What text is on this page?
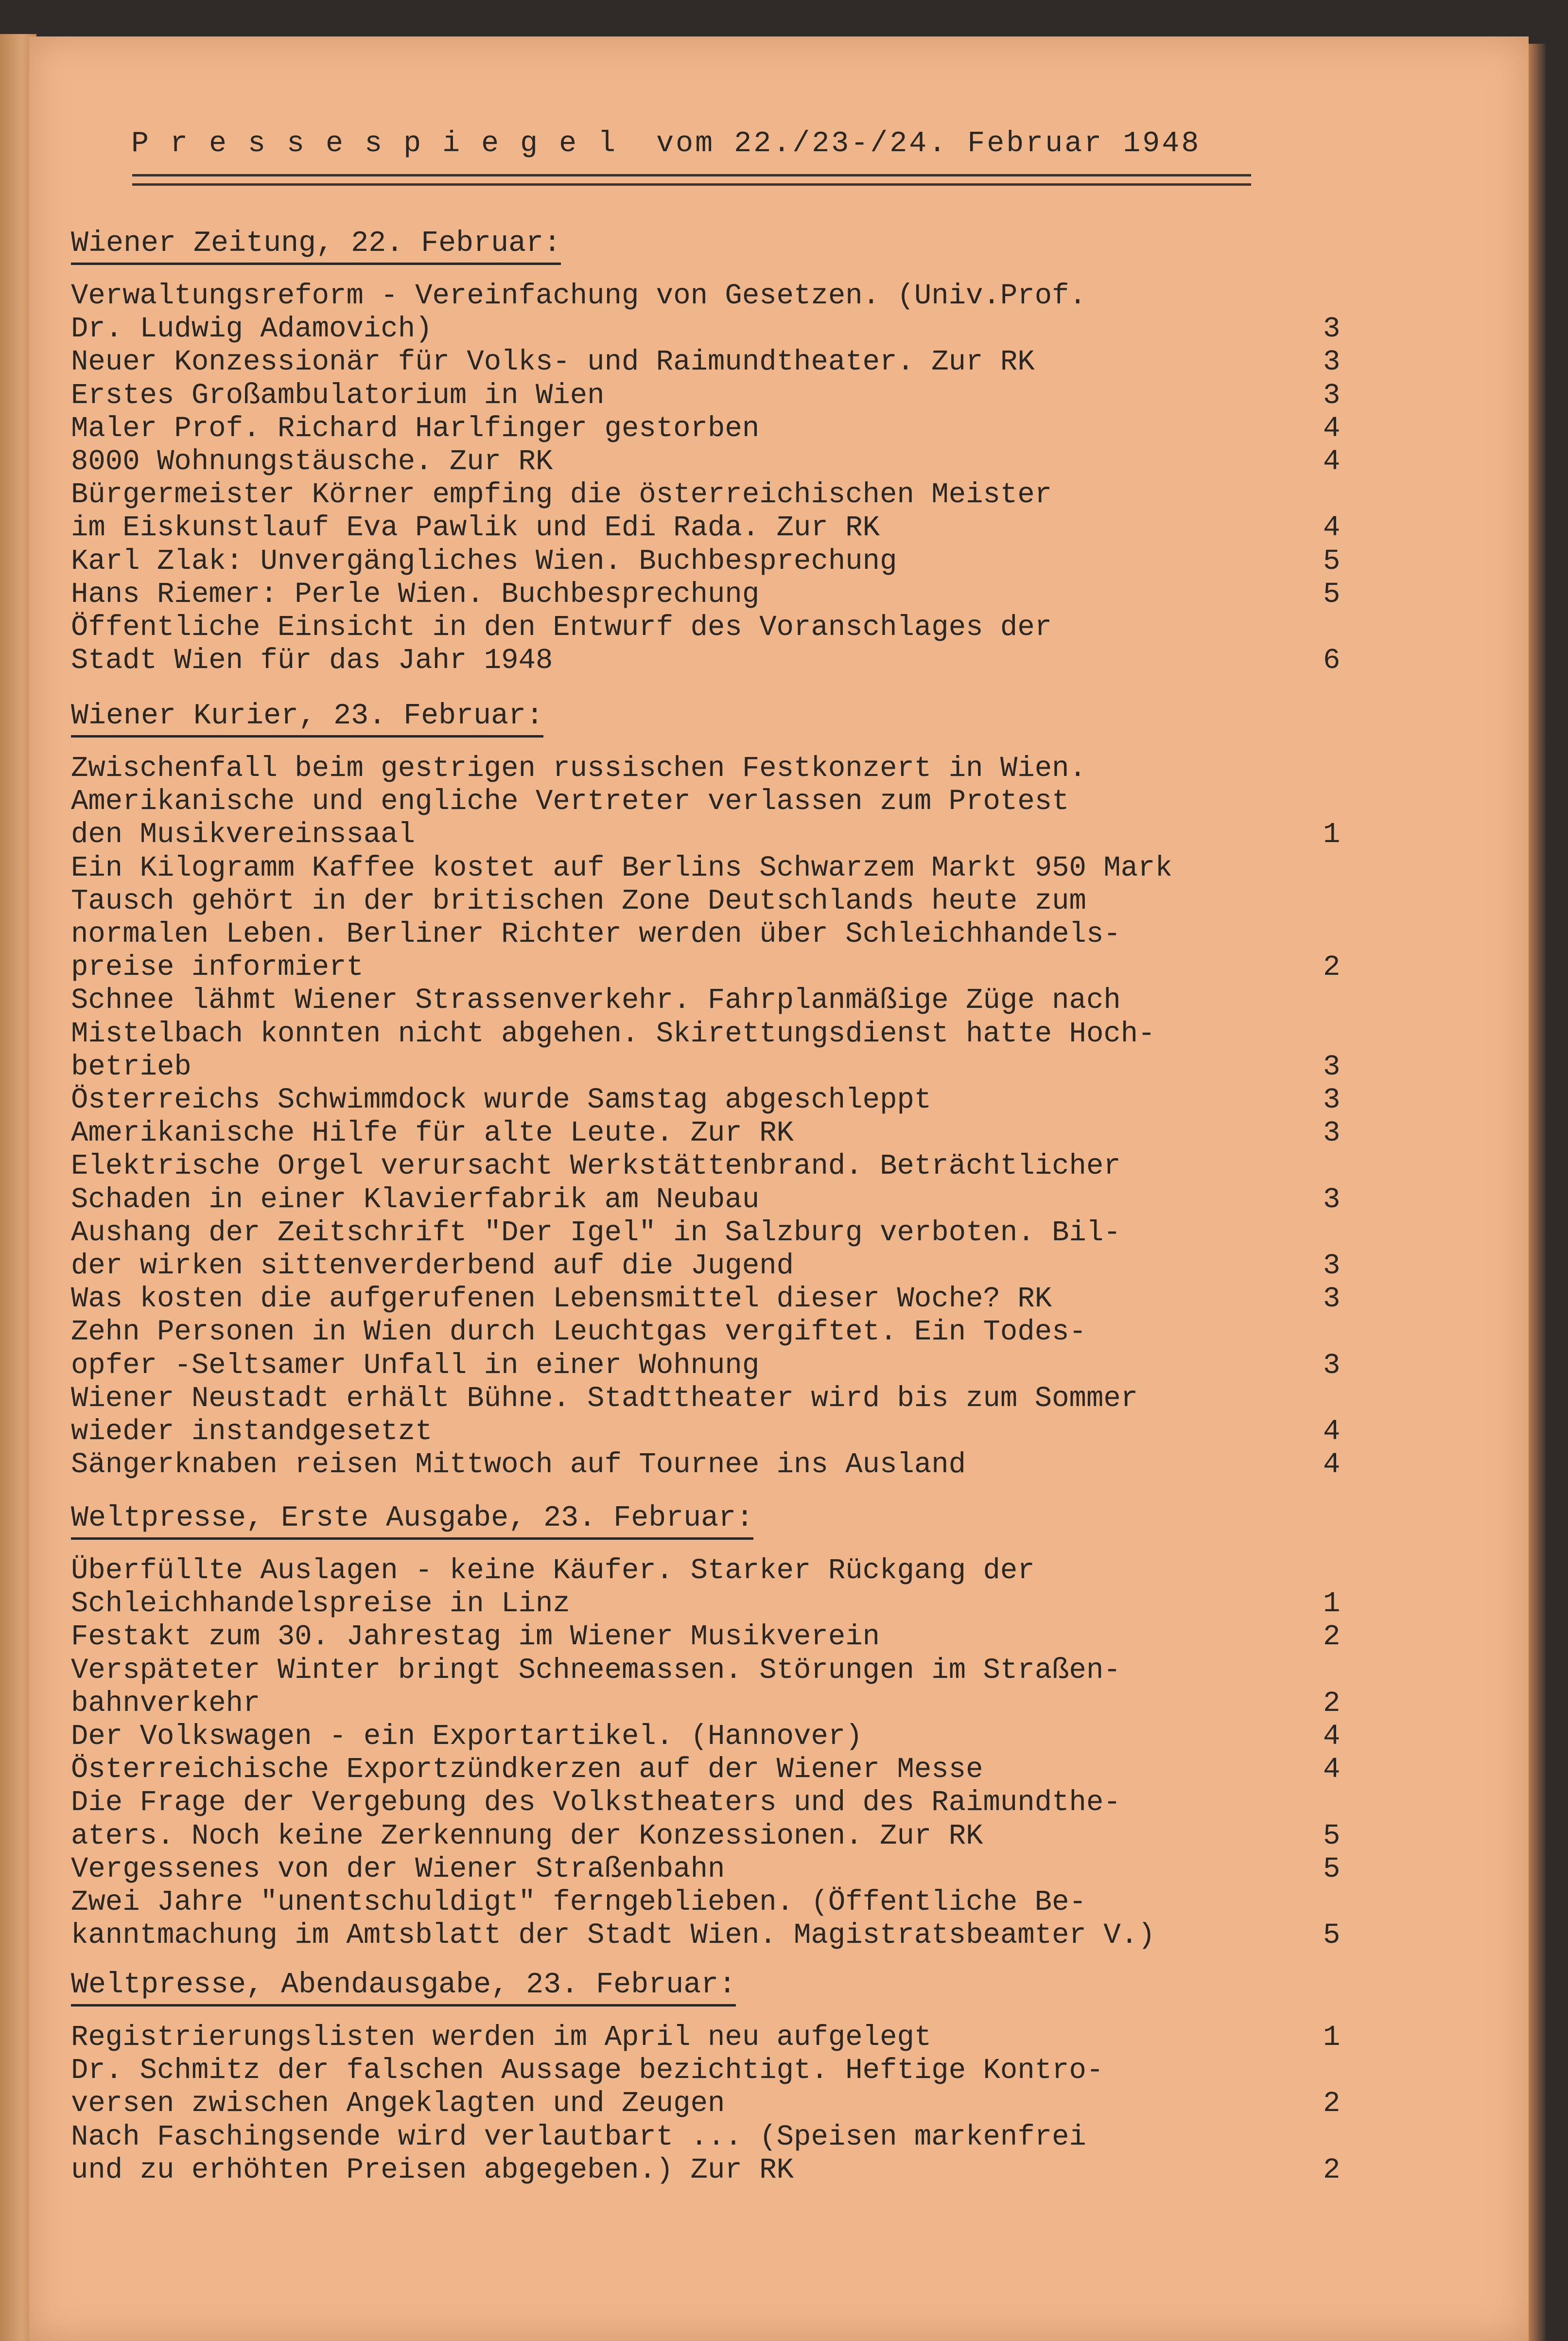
P r e s s e s p i e g e l  vom 22./23-/24. Februar 1948
Wiener Zeitung, 22. Februar:
Verwaltungsreform - Vereinfachung von Gesetzen. (Univ.Prof.
Dr. Ludwig Adamovich)	3
Neuer Konzessionär für Volks- und Raimundtheater. Zur RK	3
Erstes Großambulatorium in Wien	3
Maler Prof. Richard Harlfinger gestorben	4
8000 Wohnungstäusche. Zur RK	4
Bürgermeister Körner empfing die österreichischen Meister
im Eiskunstlauf Eva Pawlik und Edi Rada. Zur RK	4
Karl Zlak: Unvergängliches Wien. Buchbesprechung	5
Hans Riemer: Perle Wien. Buchbesprechung	5
Öffentliche Einsicht in den Entwurf des Voranschlages der
Stadt Wien für das Jahr 1948	6
Wiener Kurier, 23. Februar:
Zwischenfall beim gestrigen russischen Festkonzert in Wien.
Amerikanische und engliche Vertreter verlassen zum Protest
den Musikvereinssaal	1
Ein Kilogramm Kaffee kostet auf Berlins Schwarzem Markt 950 Mark
Tausch gehört in der britischen Zone Deutschlands heute zum
normalen Leben. Berliner Richter werden über Schleichhandels-
preise informiert	2
Schnee lähmt Wiener Strassenverkehr. Fahrplanmäßige Züge nach
Mistelbach konnten nicht abgehen. Skirettungsdienst hatte Hoch-
betrieb	3
Österreichs Schwimmdock wurde Samstag abgeschleppt	3
Amerikanische Hilfe für alte Leute. Zur RK	3
Elektrische Orgel verursacht Werkstättenbrand. Beträchtlicher
Schaden in einer Klavierfabrik am Neubau	3
Aushang der Zeitschrift "Der Igel" in Salzburg verboten. Bil-
der wirken sittenverderbend auf die Jugend	3
Was kosten die aufgerufenen Lebensmittel dieser Woche? RK	3
Zehn Personen in Wien durch Leuchtgas vergiftet. Ein Todes-
opfer -Seltsamer Unfall in einer Wohnung	3
Wiener Neustadt erhält Bühne. Stadttheater wird bis zum Sommer
wieder instandgesetzt	4
Sängerknaben reisen Mittwoch auf Tournee ins Ausland	4
Weltpresse, Erste Ausgabe, 23. Februar:
Überfüllte Auslagen - keine Käufer. Starker Rückgang der
Schleichhandelspreise in Linz	1
Festakt zum 30. Jahrestag im Wiener Musikverein	2
Verspäteter Winter bringt Schneemassen. Störungen im Straßen-
bahnverkehr	2
Der Volkswagen - ein Exportartikel. (Hannover)	4
Österreichische Exportzündkerzen auf der Wiener Messe	4
Die Frage der Vergebung des Volkstheaters und des Raimundthe-
aters. Noch keine Zerkennung der Konzessionen. Zur RK	5
Vergessenes von der Wiener Straßenbahn	5
Zwei Jahre "unentschuldigt" ferngeblieben. (Öffentliche Be-
kanntmachung im Amtsblatt der Stadt Wien. Magistratsbeamter V.)	5
Weltpresse, Abendausgabe, 23. Februar:
Registrierungslisten werden im April neu aufgelegt	1
Dr. Schmitz der falschen Aussage bezichtigt. Heftige Kontro-
versen zwischen Angeklagten und Zeugen	2
Nach Faschingsende wird verlautbart ... (Speisen markenfrei
und zu erhöhten Preisen abgegeben.) Zur RK	2
